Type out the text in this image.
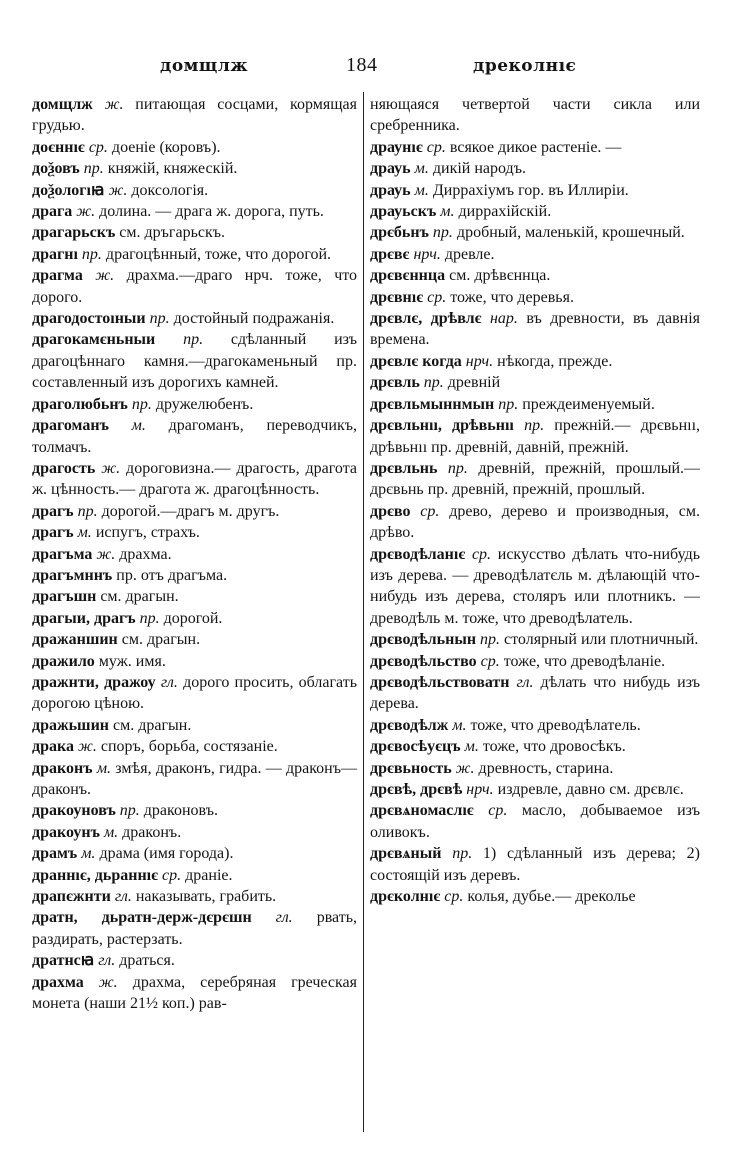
домщлж	184	дреколнıє

домщлж ж. питающая сосцами, кормящая грудью.

доєннıє ср. доеніе (коровъ).

доѯовъ пр. княжій, княжескій.

доѯологıꙗ ж. доксологія.

драга ж. долина. — драга ж. дорога, путь.

драгарьскъ см. дръгарьскъ.

драгнı пр. драгоцѣнный, тоже, что дорогой.

драгма ж. драхма.—драго нрч. тоже, что дорого.

драгодостоıныи пр. достойный подражанія.

драгокамєньныи пр. сдѣланный изъ драгоцѣннаго камня.—драгокаменьный пр. составленный изъ дорогихъ камней.

драголюбьнъ пр. дружелюбенъ.

драгоманъ м. драгоманъ, переводчикъ, толмачъ.

драгость ж. дороговизна.— драгость, драгота ж. цѣнность.— драгота ж. драгоцѣнность.

драгъ пр. дорогой.—драгъ м. другъ.

драгъ м. испугъ, страхъ.

драгъма ж. драхма.

драгъмннъ пр. отъ драгъма.

драгъшн см. драгын.

драгыи, драгъ пр. дорогой.

дражаншин см. драгын.

дражило муж. имя.

дражнти, дражоу гл. дорого просить, облагать дорогою цѣною.

дражьшин см. драгын.

драка ж. споръ, борьба, состязаніе.

драконъ м. змѣя, драконъ, гидра. — драконъ—драконъ.

дракоуновъ пр. драконовъ.

дракоунъ м. драконъ.

драмъ м. драма (имя города).

драннıє, дьраннıє ср. драніе.

драпєжнти гл. наказывать, грабить.

дратн, дьратн-держ-дєрєшн гл. рвать, раздирать, растерзать.

дратнсꙗ гл. драться.

драхма ж. драхма, серебряная греческая монета (наши 21½ коп.) рав-

няющаяся четвертой части сикла или сребренника.

драунıє ср. всякое дикое растеніе. —

драуь м. дикій народъ.

драуь м. Диррахіумъ гор. въ Иллиріи.

драуьскъ м. диррахійскій.

дрєбьнъ пр. дробный, маленькій, крошечный.

дрєвє нрч. древле.

дрєвєннца см. дрѣвєннца.

дрєвнıє ср. тоже, что деревья.

дрєвлє, дрѣвлє нар. въ древности, въ давнія времена.

дрєвлє когда нрч. нѣкогда, прежде.

дрєвль пр. древній

дрєвльмыннмын пр. преждеименуемый.

дрєвльнıı, дрѣвьнıı пр. прежній.— дрєвьнıı, дрѣвьнıı пр. древній, давній, прежній.

дрєвльнь пр. древній, прежній, прошлый.—дрєвьнь пр. древній, прежній, прошлый.

дрєво ср. древо, дерево и производныя, см. дрѣво.

дрєводѣланıє ср. искусство дѣлать что-нибудь изъ дерева. — древодѣлатєль м. дѣлающій что-нибудь изъ дерева, столяръ или плотникъ. — древодѣль м. тоже, что древодѣлатель.

дрєводѣльнын пр. столярный или плотничный.

дрєводѣльство ср. тоже, что древодѣланіе.

дрєводѣльствоватн гл. дѣлать что нибудь изъ дерева.

дрєводѣлж м. тоже, что древодѣлатель.

дрєвосѣуєцъ м. тоже, что дровосѣкъ.

дрєвьность ж. древность, старина.

дрєвѣ, дрєвѣ нрч. издревле, давно см. дрєвлє.

дрєвѧномаслıє ср. масло, добываемое изъ оливокъ.

дрєвѧный пр. 1) сдѣланный изъ дерева; 2) состоящій изъ деревъ.

дрєколнıє ср. колья, дубье.— дреколье
